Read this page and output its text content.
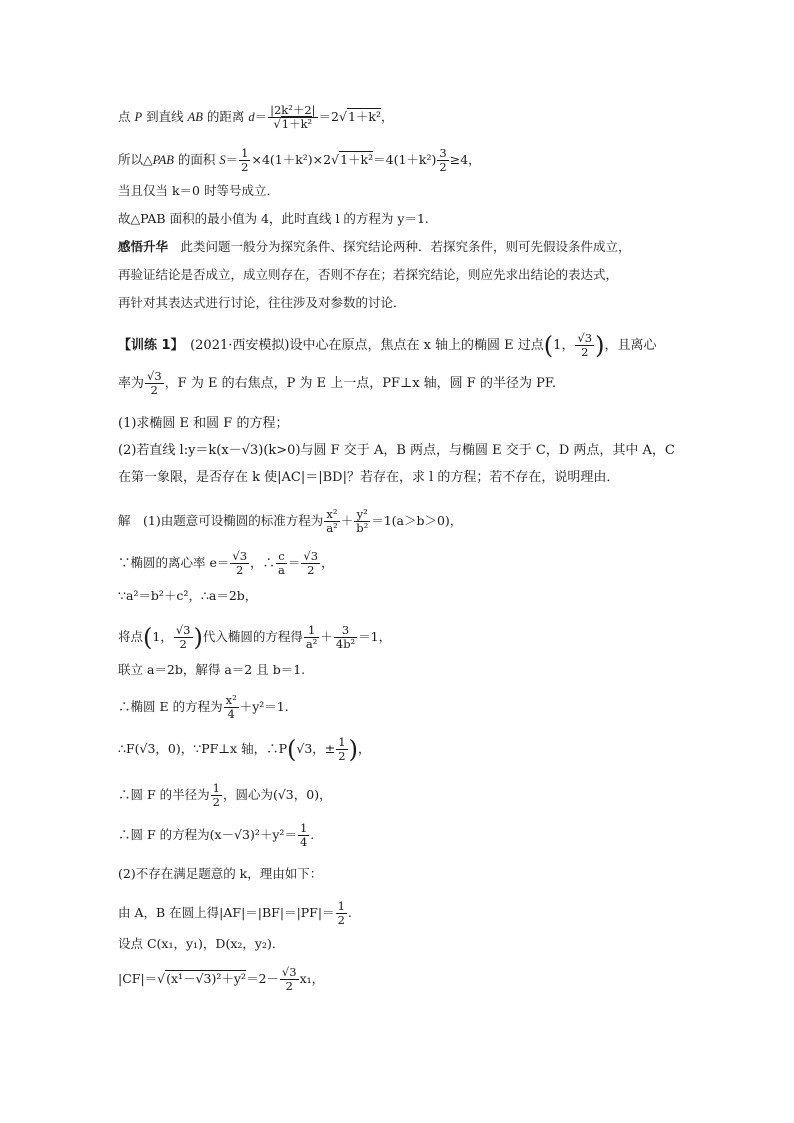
点 P 到直线 AB 的距离 $d= \frac{\text{|2k²＋2|}}{\text{√1＋k²}} =2√1+k^2$，
所以△PAB 的面积 $S= \frac{1}{2} \times 4(1+k^2)\times 2√1+k^2=4(1+k^2) \frac{3}{2} \ge 4$，
当且仅当 k＝0 时等号成立．
故△PAB 面积的最小值为 4，此时直线 l 的方程为 y＝1.
感悟升华　此类问题一般分为探究条件、探究结论两种．若探究条件，则可先假设条件成立，
再验证结论是否成立，成立则存在，否则不存在；若探究结论，则应先求出结论的表达式，
再针对其表达式进行讨论，往往涉及对参数的讨论．
【训练 1】　(2021·西安模拟)设中心在原点，焦点在 x 轴上的椭圆 E 过点(1， $\frac{√3}{2}$ )，且离心
率为 $\frac{√3}{2}$ ，F 为 E 的右焦点，P 为 E 上一点，PF⊥x 轴，圆 F 的半径为 PF.
(1)求椭圆 E 和圆 F 的方程；
(2)若直线 l:y＝k(x－√3)(k>0)与圆 F 交于 A，B 两点，与椭圆 E 交于 C，D 两点，其中 A，C
在第一象限，是否存在 k 使|AC|＝|BD|？若存在，求 l 的方程；若不存在，说明理由．
解　(1)由题意可设椭圆的标准方程为 $\frac{\text{x²}}{\text{a²}} + \frac{\text{y²}}{\text{b²}} =1(a>b>0)$，
∵椭圆的离心率 $e= \frac{√3}{2}$ ，∴ $\frac{c}{a} = \frac{√3}{2}$ ，
∵a²＝b²＋c²，∴a＝2b，
将点(1， $\frac{√3}{2}$ )代入椭圆的方程得 $\frac{1}{\text{a²}} + \frac{3}{\text{4b²}} =1$，
联立 a＝2b，解得 a＝2 且 b＝1.
∴椭圆 E 的方程为 $\frac{\text{x²}}{4} +y^2=1$.
∴F(√3，0)，∵PF⊥x 轴，∴P(√3，± $\frac{1}{2}$ )，
∴圆 F 的半径为 $\frac{1}{2}$ ，圆心为(√3，0)，
∴圆 F 的方程为$(x-√3)^2+y^2= \frac{1}{4}$ .
(2)不存在满足题意的 k，理由如下：
由 A，B 在圆上得$|AF|=|BF|=|PF|= \frac{1}{2}$ .
设点 C(x₁，y₁)，D(x₂，y₂)．
$|CF|=√(x^1-√3)^2+y^2=2- \frac{√3}{2} x_1$，
